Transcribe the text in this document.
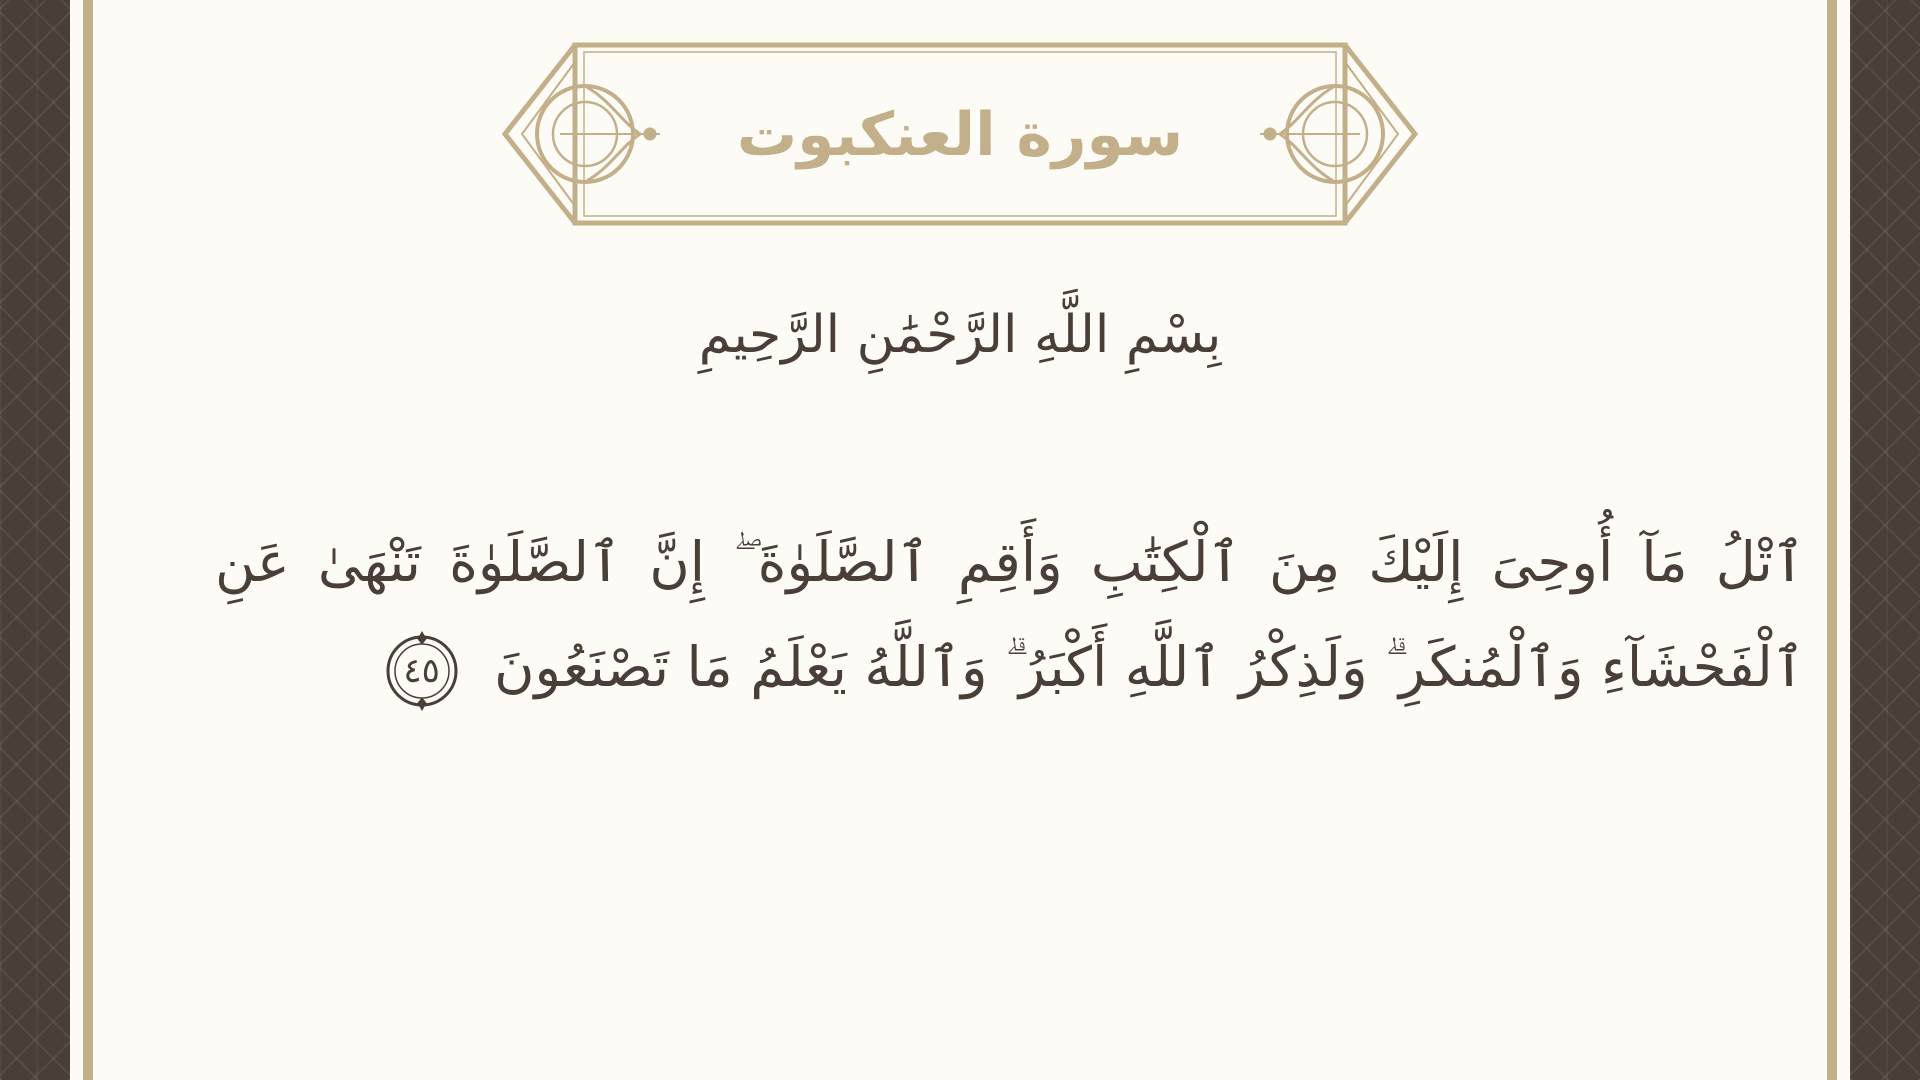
سورة العنكبوت
بِسْمِ اللَّهِ الرَّحْمَٰنِ الرَّحِيمِ
ٱتْلُ مَآ أُوحِىَ إِلَيْكَ مِنَ ٱلْكِتَٰبِ وَأَقِمِ ٱلصَّلَوٰةَ ۖ إِنَّ ٱلصَّلَوٰةَ تَنْهَىٰ عَنِ ٱلْفَحْشَآءِ وَٱلْمُنكَرِ ۗ وَلَذِكْرُ ٱللَّهِ أَكْبَرُ ۗ وَٱللَّهُ يَعْلَمُ مَا تَصْنَعُونَ
٤٥
